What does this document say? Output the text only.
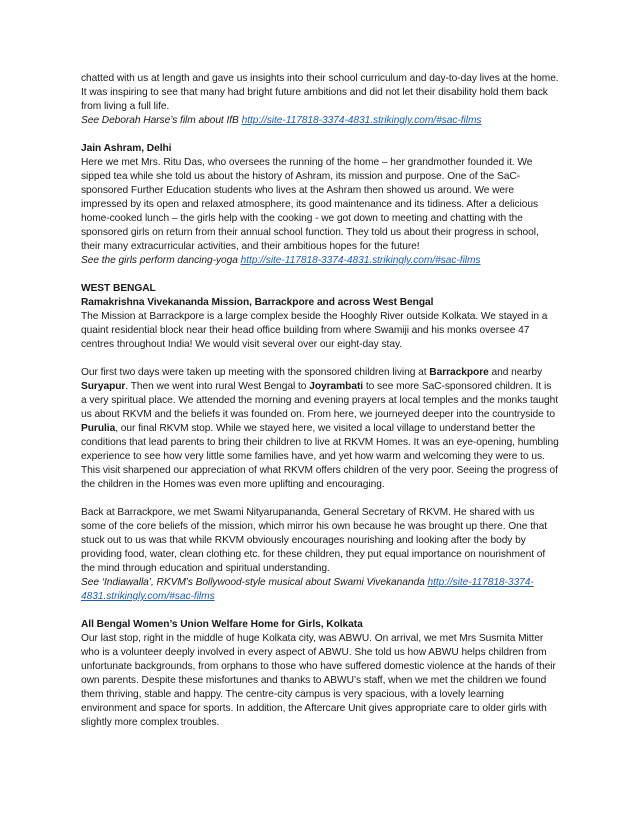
chatted with us at length and gave us insights into their school curriculum and day-to-day lives at the home. It was inspiring to see that many had bright future ambitions and did not let their disability hold them back from living a full life.
See Deborah Harse’s film about IfB http://site-117818-3374-4831.strikingly.com/#sac-films

Jain Ashram, Delhi
Here we met Mrs. Ritu Das, who oversees the running of the home – her grandmother founded it. We sipped tea while she told us about the history of Ashram, its mission and purpose. One of the SaC-sponsored Further Education students who lives at the Ashram then showed us around. We were impressed by its open and relaxed atmosphere, its good maintenance and its tidiness. After a delicious home-cooked lunch – the girls help with the cooking - we got down to meeting and chatting with the sponsored girls on return from their annual school function. They told us about their progress in school, their many extracurricular activities, and their ambitious hopes for the future!
See the girls perform dancing-yoga http://site-117818-3374-4831.strikingly.com/#sac-films

WEST BENGAL
Ramakrishna Vivekananda Mission, Barrackpore and across West Bengal
The Mission at Barrackpore is a large complex beside the Hooghly River outside Kolkata. We stayed in a quaint residential block near their head office building from where Swamiji and his monks oversee 47 centres throughout India! We would visit several over our eight-day stay.

Our first two days were taken up meeting with the sponsored children living at Barrackpore and nearby Suryapur. Then we went into rural West Bengal to Joyrambati to see more SaC-sponsored children. It is a very spiritual place. We attended the morning and evening prayers at local temples and the monks taught us about RKVM and the beliefs it was founded on. From here, we journeyed deeper into the countryside to Purulia, our final RKVM stop. While we stayed here, we visited a local village to understand better the conditions that lead parents to bring their children to live at RKVM Homes. It was an eye-opening, humbling experience to see how very little some families have, and yet how warm and welcoming they were to us. This visit sharpened our appreciation of what RKVM offers children of the very poor. Seeing the progress of the children in the Homes was even more uplifting and encouraging.

Back at Barrackpore, we met Swami Nityarupananda, General Secretary of RKVM. He shared with us some of the core beliefs of the mission, which mirror his own because he was brought up there. One that stuck out to us was that while RKVM obviously encourages nourishing and looking after the body by providing food, water, clean clothing etc. for these children, they put equal importance on nourishment of the mind through education and spiritual understanding.
See ‘Indiawalla’, RKVM’s Bollywood-style musical about Swami Vivekananda http://site-117818-3374-4831.strikingly.com/#sac-films

All Bengal Women’s Union Welfare Home for Girls, Kolkata
Our last stop, right in the middle of huge Kolkata city, was ABWU. On arrival, we met Mrs Susmita Mitter who is a volunteer deeply involved in every aspect of ABWU. She told us how ABWU helps children from unfortunate backgrounds, from orphans to those who have suffered domestic violence at the hands of their own parents. Despite these misfortunes and thanks to ABWU’s staff, when we met the children we found them thriving, stable and happy. The centre-city campus is very spacious, with a lovely learning environment and space for sports. In addition, the Aftercare Unit gives appropriate care to older girls with slightly more complex troubles.
